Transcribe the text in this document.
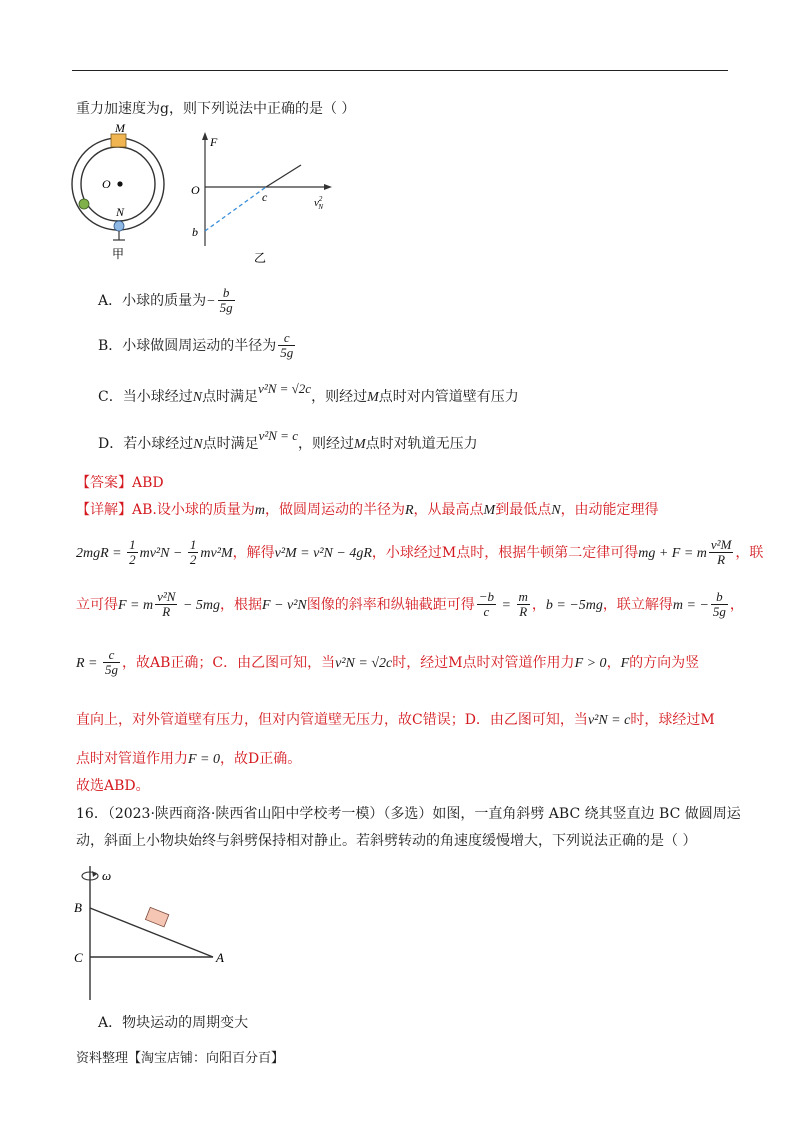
重力加速度为g，则下列说法中正确的是（ ）
M
O
N
甲
F
O	c
b
$v^2$ N
乙
A．小球的质量为− $\frac{b}{5g}$
B．小球做圆周运动的半径为 $\frac{c}{5g}$
C．当小球经过N点时满足v²N = √2c，则经过M点时对内管道壁有压力
D．若小球经过N点时满足v²N = c，则经过M点时对轨道无压力
【答案】ABD
【详解】AB.设小球的质量为m，做圆周运动的半径为R，从最高点M到最低点N，由动能定理得
$2mgR = \frac{1}{2} mv^2N - \frac{1}{2} mv^2M$，解得v²M = v²N − 4gR，小球经过M点时，根据牛顿第二定律可得mg + F = m $\frac{\text{v²M}}{R}$ ，联
立可得F = m $\frac{\text{v²N}}{R} - 5mg$，根据F − v²N图像的斜率和纵轴截距可得 $\frac{-b}{c} = \frac{m}{R}$ ，b = −5mg，联立解得m = − $\frac{b}{5g}$ ，
$R = \frac{c}{5g}$ ，故AB正确；C．由乙图可知，当v²N = √2c时，经过M点时对管道作用力F > 0，F的方向为竖
直向上，对外管道壁有压力，但对内管道壁无压力，故C错误；D．由乙图可知，当v²N = c时，球经过M
点时对管道作用力F = 0，故D正确。
故选ABD。
16．（2023·陕西商洛·陕西省山阳中学校考一模）（多选）如图，一直角斜劈 ABC 绕其竖直边 BC 做圆周运
动，斜面上小物块始终与斜劈保持相对静止。若斜劈转动的角速度缓慢增大，下列说法正确的是（ ）
ω
B
C	A
A．物块运动的周期变大
资料整理【淘宝店铺：向阳百分百】
